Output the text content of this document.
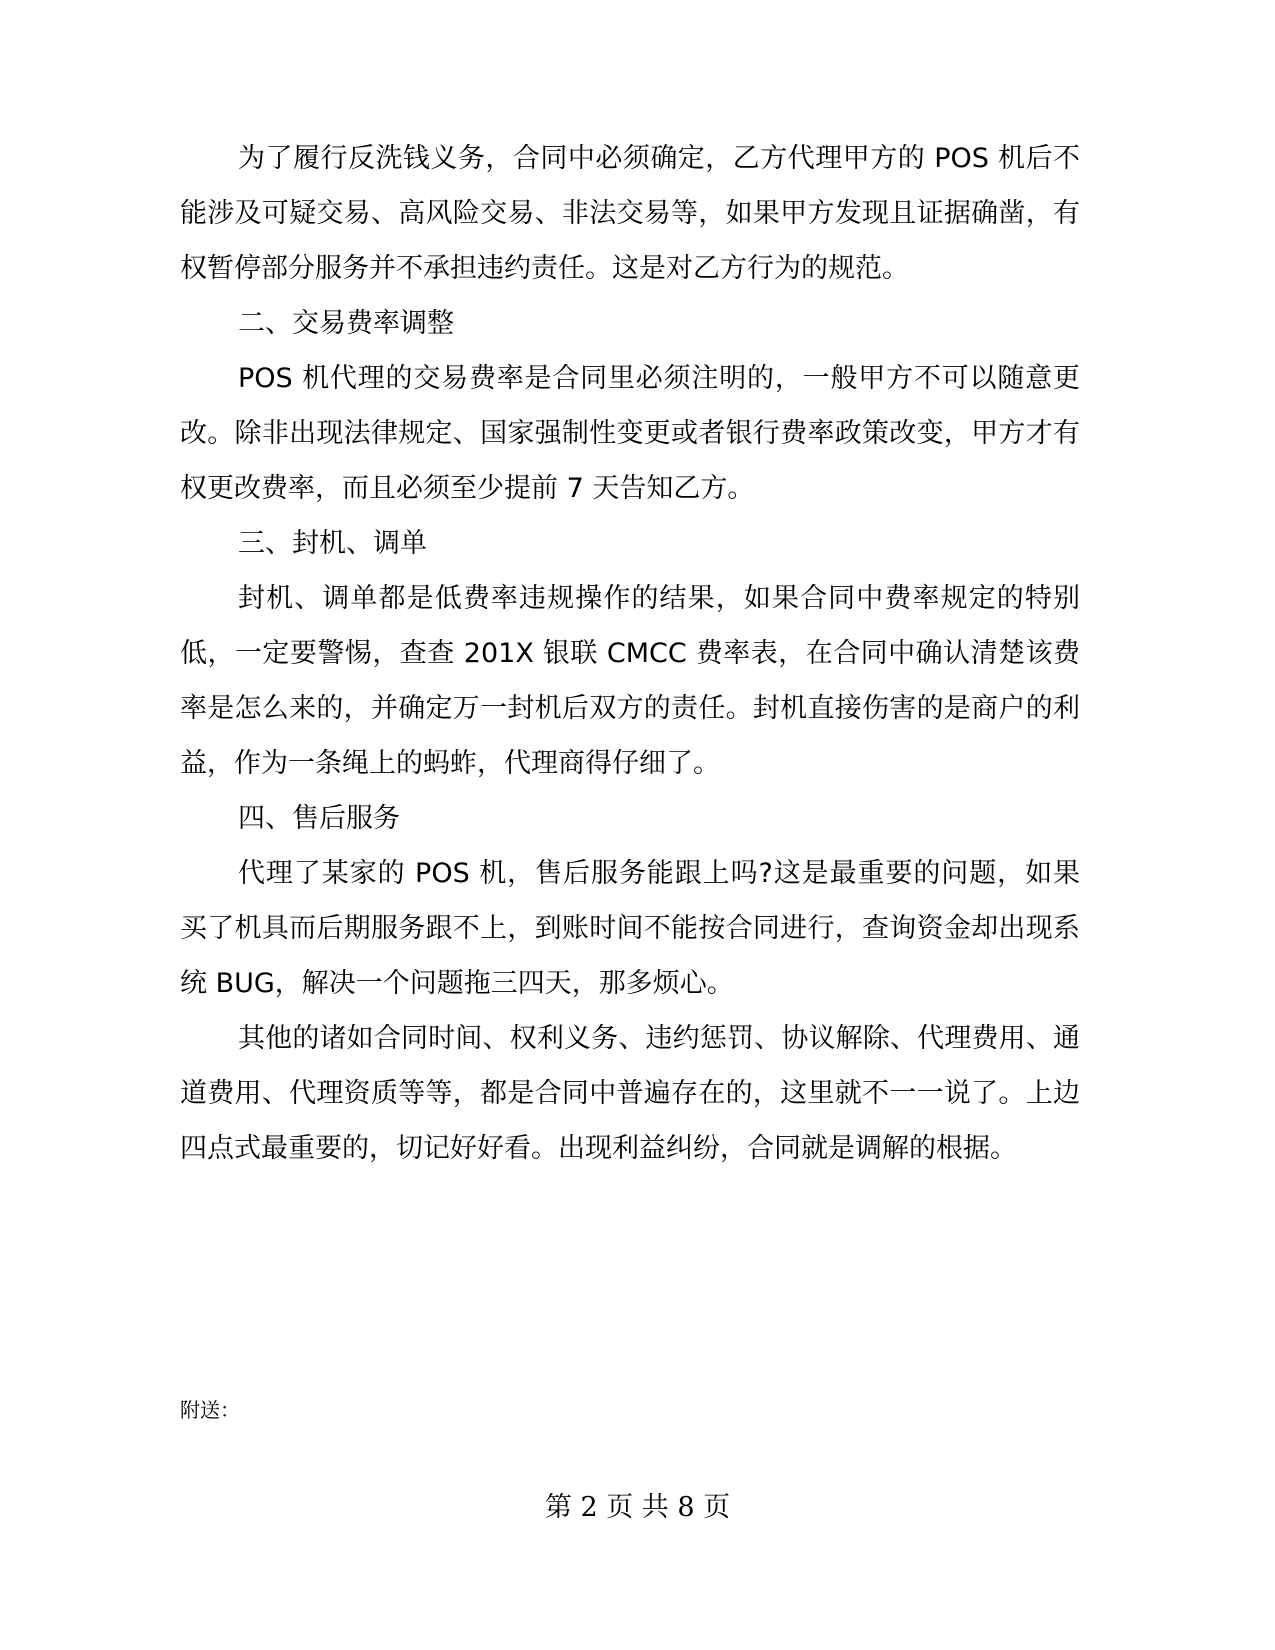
为了履行反洗钱义务，合同中必须确定，乙方代理甲方的 POS 机后不能涉及可疑交易、高风险交易、非法交易等，如果甲方发现且证据确凿，有权暂停部分服务并不承担违约责任。这是对乙方行为的规范。

二、交易费率调整

POS 机代理的交易费率是合同里必须注明的，一般甲方不可以随意更改。除非出现法律规定、国家强制性变更或者银行费率政策改变，甲方才有权更改费率，而且必须至少提前 7 天告知乙方。

三、封机、调单

封机、调单都是低费率违规操作的结果，如果合同中费率规定的特别低，一定要警惕，查查 201X 银联 CMCC 费率表，在合同中确认清楚该费率是怎么来的，并确定万一封机后双方的责任。封机直接伤害的是商户的利益，作为一条绳上的蚂蚱，代理商得仔细了。

四、售后服务

代理了某家的 POS 机，售后服务能跟上吗?这是最重要的问题，如果买了机具而后期服务跟不上，到账时间不能按合同进行，查询资金却出现系统 BUG，解决一个问题拖三四天，那多烦心。

其他的诸如合同时间、权利义务、违约惩罚、协议解除、代理费用、通道费用、代理资质等等，都是合同中普遍存在的，这里就不一一说了。上边四点式最重要的，切记好好看。出现利益纠纷，合同就是调解的根据。

附送：

第 2 页 共 8 页
